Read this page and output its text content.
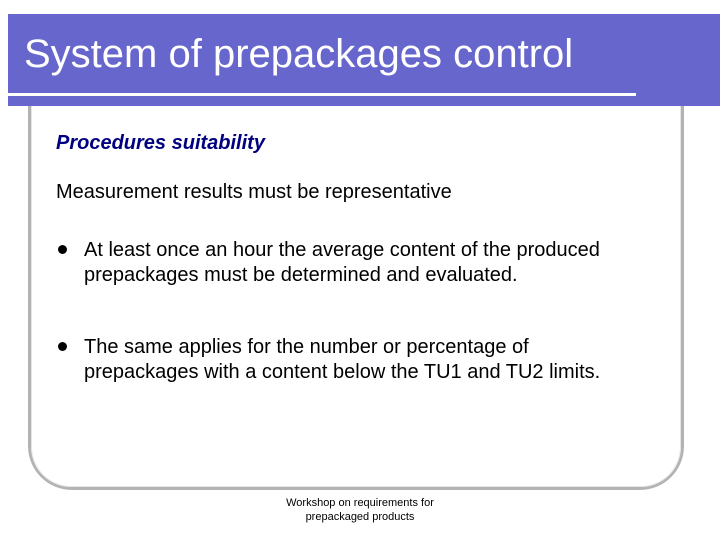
System of prepackages control
Procedures suitability
Measurement results must be representative
At least once an hour the average content of the produced prepackages must be determined and evaluated.
The same applies for the number or percentage of prepackages with a content below the TU1 and TU2 limits.
Workshop on requirements for
prepackaged products
